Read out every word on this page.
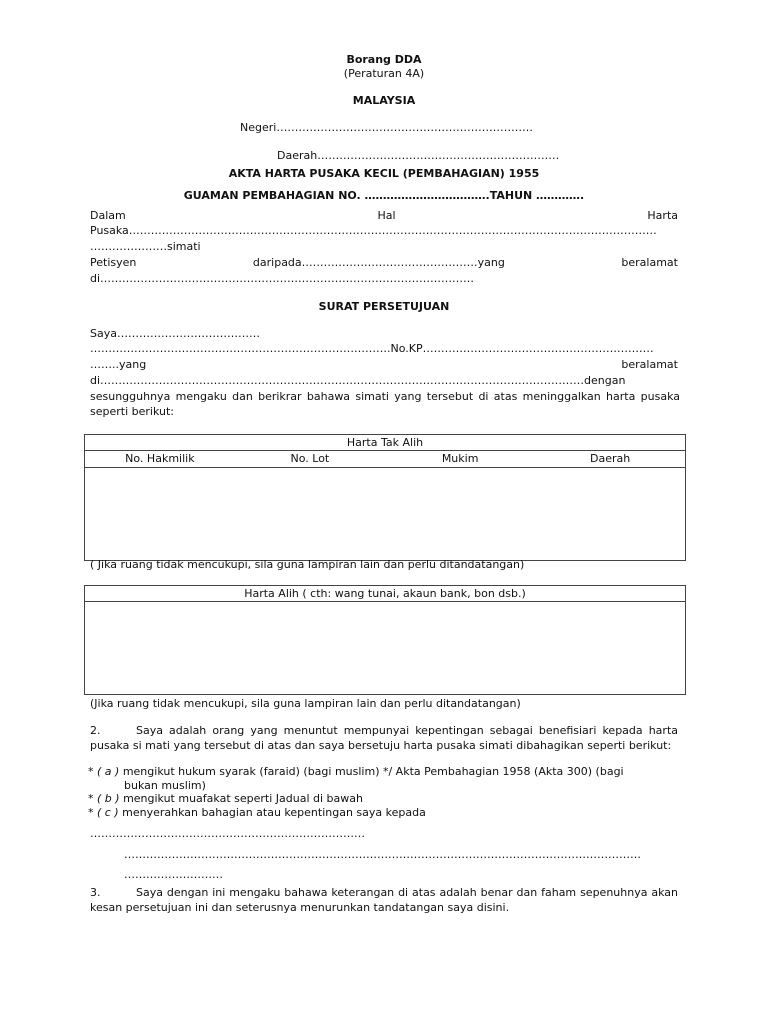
Borang DDA
(Peraturan 4A)
MALAYSIA
Negeri…………………………………………………………….
Daerah…………………………………………………………
AKTA HARTA PUSAKA KECIL (PEMBAHAGIAN) 1955
GUAMAN PEMBAHAGIAN NO. …………………………….TAHUN ………….
Dalam	Hal	Harta
Pusaka………………………………………………………………………………………………………………………………
…………………simati
Petisyen	daripada…………………………………………yang	beralamat
di…………………………………………………………………………………………
SURAT PERSETUJUAN
Saya…………………………………
……………………………………………………………………….No.KP………………………………………………………
……..yang	beralamat
di……………………………………………………………………………………………………………………dengan
sesungguhnya mengaku dan berikrar bahawa simati yang tersebut di atas meninggalkan harta pusaka seperti berikut:
Harta Tak Alih
No. Hakmilik	No. Lot	Mukim	Daerah

( Jika ruang tidak mencukupi, sila guna lampiran lain dan perlu ditandatangan)
Harta Alih ( cth: wang tunai, akaun bank, bon dsb.)

(Jika ruang tidak mencukupi, sila guna lampiran lain dan perlu ditandatangan)
2.	Saya adalah orang yang menuntut mempunyai kepentingan sebagai benefisiari kepada harta pusaka si mati yang tersebut di atas dan saya bersetuju harta pusaka simati dibahagikan seperti berikut:
* ( a ) mengikut hukum syarak (faraid) (bagi muslim) */ Akta Pembahagian 1958 (Akta 300) (bagi
bukan muslim)
* ( b ) mengikut muafakat seperti Jadual di bawah
* ( c ) menyerahkan bahagian atau kepentingan saya kepada
…………………………………………………………………
……………………………………………………………………………………………………………………………
………………………
3.	Saya dengan ini mengaku bahawa keterangan di atas adalah benar dan faham sepenuhnya akan kesan persetujuan ini dan seterusnya menurunkan tandatangan saya disini.
